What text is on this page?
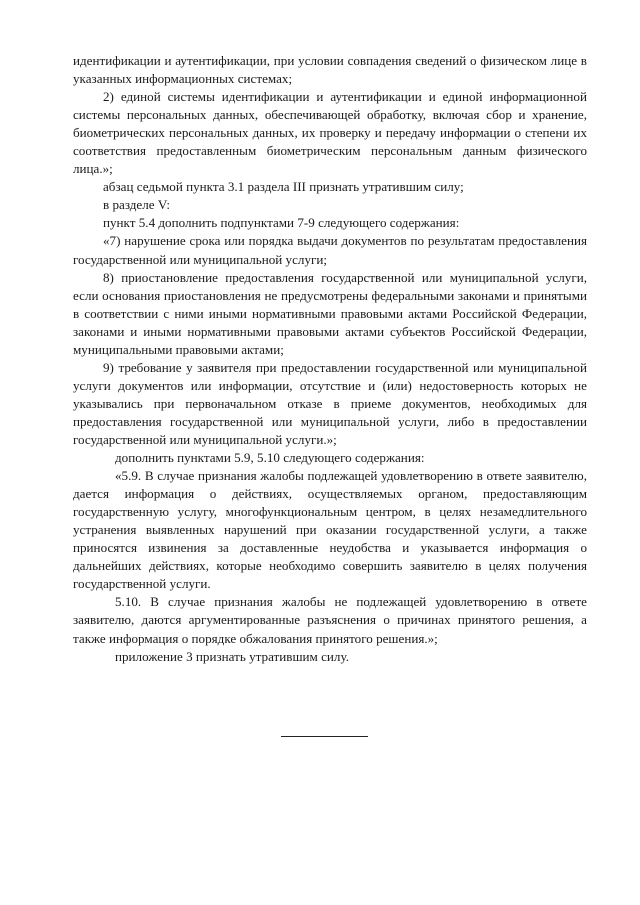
идентификации и аутентификации, при условии совпадения сведений о физическом лице в указанных информационных системах;

2) единой системы идентификации и аутентификации и единой информационной системы персональных данных, обеспечивающей обработку, включая сбор и хранение, биометрических персональных данных, их проверку и передачу информации о степени их соответствия предоставленным биометрическим персональным данным физического лица.»;

абзац седьмой пункта 3.1 раздела III признать утратившим силу;

в разделе V:

пункт 5.4 дополнить подпунктами 7-9 следующего содержания:

«7) нарушение срока или порядка выдачи документов по результатам предоставления государственной или муниципальной услуги;

8) приостановление предоставления государственной или муниципальной услуги, если основания приостановления не предусмотрены федеральными законами и принятыми в соответствии с ними иными нормативными правовыми актами Российской Федерации, законами и иными нормативными правовыми актами субъектов Российской Федерации, муниципальными правовыми актами;

9) требование у заявителя при предоставлении государственной или муниципальной услуги документов или информации, отсутствие и (или) недостоверность которых не указывались при первоначальном отказе в приеме документов, необходимых для предоставления государственной или муниципальной услуги, либо в предоставлении государственной или муниципальной услуги.»;

дополнить пунктами 5.9, 5.10 следующего содержания:

«5.9. В случае признания жалобы подлежащей удовлетворению в ответе заявителю, дается информация о действиях, осуществляемых органом, предоставляющим государственную услугу, многофункциональным центром, в целях незамедлительного устранения выявленных нарушений при оказании государственной услуги, а также приносятся извинения за доставленные неудобства и указывается информация о дальнейших действиях, которые необходимо совершить заявителю в целях получения государственной услуги.

5.10. В случае признания жалобы не подлежащей удовлетворению в ответе заявителю, даются аргументированные разъяснения о причинах принятого решения, а также информация о порядке обжалования принятого решения.»;

приложение 3 признать утратившим силу.
